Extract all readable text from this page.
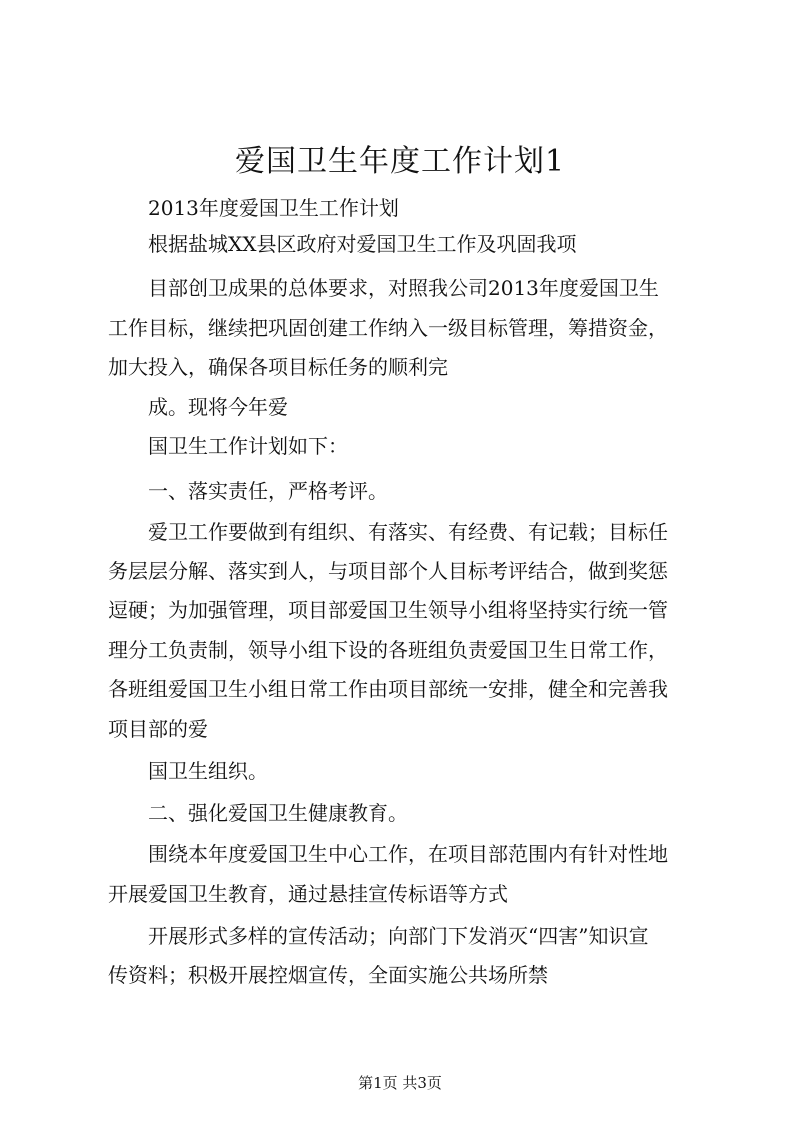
爱国卫生年度工作计划1
2013年度爱国卫生工作计划
根据盐城XX县区政府对爱国卫生工作及巩固我项
目部创卫成果的总体要求，对照我公司2013年度爱国卫生
工作目标，继续把巩固创建工作纳入一级目标管理，筹措资金，
加大投入，确保各项目标任务的顺利完
成。现将今年爱
国卫生工作计划如下：
一、落实责任，严格考评。
爱卫工作要做到有组织、有落实、有经费、有记载；目标任
务层层分解、落实到人，与项目部个人目标考评结合，做到奖惩
逗硬；为加强管理，项目部爱国卫生领导小组将坚持实行统一管
理分工负责制，领导小组下设的各班组负责爱国卫生日常工作，
各班组爱国卫生小组日常工作由项目部统一安排，健全和完善我
项目部的爱
国卫生组织。
二、强化爱国卫生健康教育。
围绕本年度爱国卫生中心工作，在项目部范围内有针对性地
开展爱国卫生教育，通过悬挂宣传标语等方式
开展形式多样的宣传活动；向部门下发消灭“四害”知识宣
传资料；积极开展控烟宣传，全面实施公共场所禁
第1页 共3页
